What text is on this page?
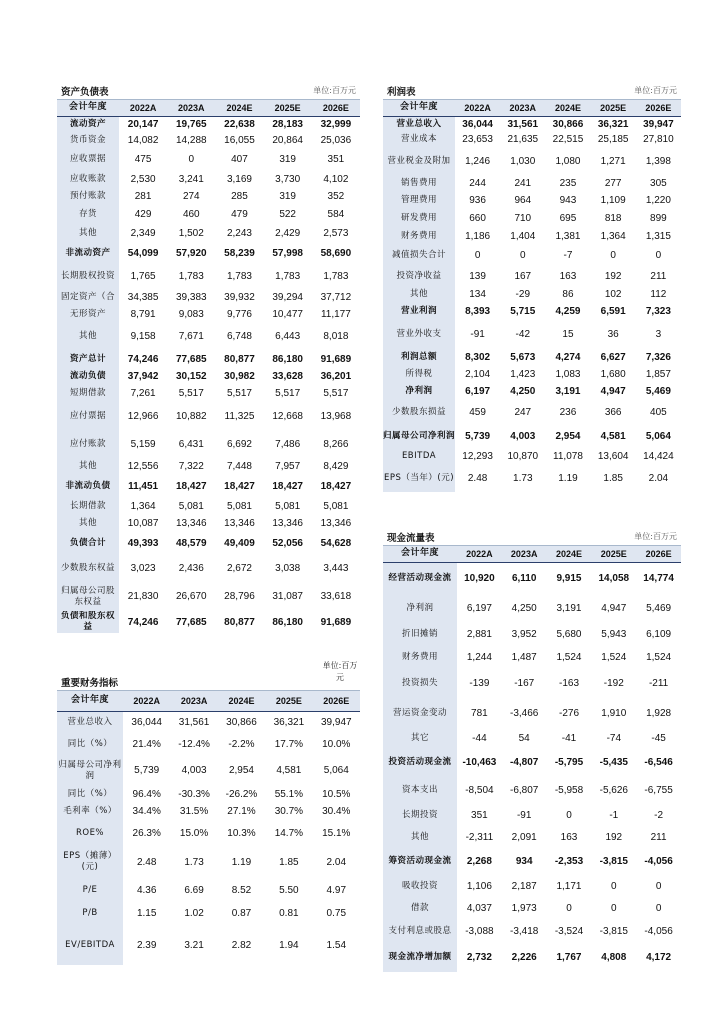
资产负债表	单位:百万元
会计年度	2022A	2023A	2024E	2025E	2026E
流动资产	20,147	19,765	22,638	28,183	32,999
货币资金	14,082	14,288	16,055	20,864	25,036
应收票据	475	0	407	319	351
应收账款	2,530	3,241	3,169	3,730	4,102
预付账款	281	274	285	319	352
存货	429	460	479	522	584
其他	2,349	1,502	2,243	2,429	2,573
非流动资产	54,099	57,920	58,239	57,998	58,690
长期股权投资	1,765	1,783	1,783	1,783	1,783
固定资产（合	34,385	39,383	39,932	39,294	37,712
无形资产	8,791	9,083	9,776	10,477	11,177
其他	9,158	7,671	6,748	6,443	8,018
资产总计	74,246	77,685	80,877	86,180	91,689
流动负债	37,942	30,152	30,982	33,628	36,201
短期借款	7,261	5,517	5,517	5,517	5,517
应付票据	12,966	10,882	11,325	12,668	13,968
应付账款	5,159	6,431	6,692	7,486	8,266
其他	12,556	7,322	7,448	7,957	8,429
非流动负债	11,451	18,427	18,427	18,427	18,427
长期借款	1,364	5,081	5,081	5,081	5,081
其他	10,087	13,346	13,346	13,346	13,346
负债合计	49,393	48,579	49,409	52,056	54,628
少数股东权益	3,023	2,436	2,672	3,038	3,443
归属母公司股东权益	21,830	26,670	28,796	31,087	33,618
负债和股东权益	74,246	77,685	80,877	86,180	91,689
重要财务指标
单位:百万元
会计年度	2022A	2023A	2024E	2025E	2026E
营业总收入	36,044	31,561	30,866	36,321	39,947
同比（%）	21.4%	-12.4%	-2.2%	17.7%	10.0%
归属母公司净利润	5,739	4,003	2,954	4,581	5,064
同比（%）	96.4%	-30.3%	-26.2%	55.1%	10.5%
毛利率（%）	34.4%	31.5%	27.1%	30.7%	30.4%
ROE%	26.3%	15.0%	10.3%	14.7%	15.1%
EPS（摊薄）(元)	2.48	1.73	1.19	1.85	2.04
P/E	4.36	6.69	8.52	5.50	4.97
P/B	1.15	1.02	0.87	0.81	0.75
EV/EBITDA	2.39	3.21	2.82	1.94	1.54
利润表	单位:百万元
会计年度	2022A	2023A	2024E	2025E	2026E
营业总收入	36,044	31,561	30,866	36,321	39,947
营业成本	23,653	21,635	22,515	25,185	27,810
营业税金及附加	1,246	1,030	1,080	1,271	1,398
销售费用	244	241	235	277	305
管理费用	936	964	943	1,109	1,220
研发费用	660	710	695	818	899
财务费用	1,186	1,404	1,381	1,364	1,315
减值损失合计	0	0	-7	0	0
投资净收益	139	167	163	192	211
其他	134	-29	86	102	112
营业利润	8,393	5,715	4,259	6,591	7,323
营业外收支	-91	-42	15	36	3
利润总额	8,302	5,673	4,274	6,627	7,326
所得税	2,104	1,423	1,083	1,680	1,857
净利润	6,197	4,250	3,191	4,947	5,469
少数股东损益	459	247	236	366	405
归属母公司净利润	5,739	4,003	2,954	4,581	5,064
EBITDA	12,293	10,870	11,078	13,604	14,424
EPS（当年）(元)	2.48	1.73	1.19	1.85	2.04
现金流量表	单位:百万元
会计年度	2022A	2023A	2024E	2025E	2026E
经营活动现金流	10,920	6,110	9,915	14,058	14,774
净利润	6,197	4,250	3,191	4,947	5,469
折旧摊销	2,881	3,952	5,680	5,943	6,109
财务费用	1,244	1,487	1,524	1,524	1,524
投资损失	-139	-167	-163	-192	-211
营运资金变动	781	-3,466	-276	1,910	1,928
其它	-44	54	-41	-74	-45
投资活动现金流	-10,463	-4,807	-5,795	-5,435	-6,546
资本支出	-8,504	-6,807	-5,958	-5,626	-6,755
长期投资	351	-91	0	-1	-2
其他	-2,311	2,091	163	192	211
筹资活动现金流	2,268	934	-2,353	-3,815	-4,056
吸收投资	1,106	2,187	1,171	0	0
借款	4,037	1,973	0	0	0
支付利息或股息	-3,088	-3,418	-3,524	-3,815	-4,056
现金流净增加额	2,732	2,226	1,767	4,808	4,172
